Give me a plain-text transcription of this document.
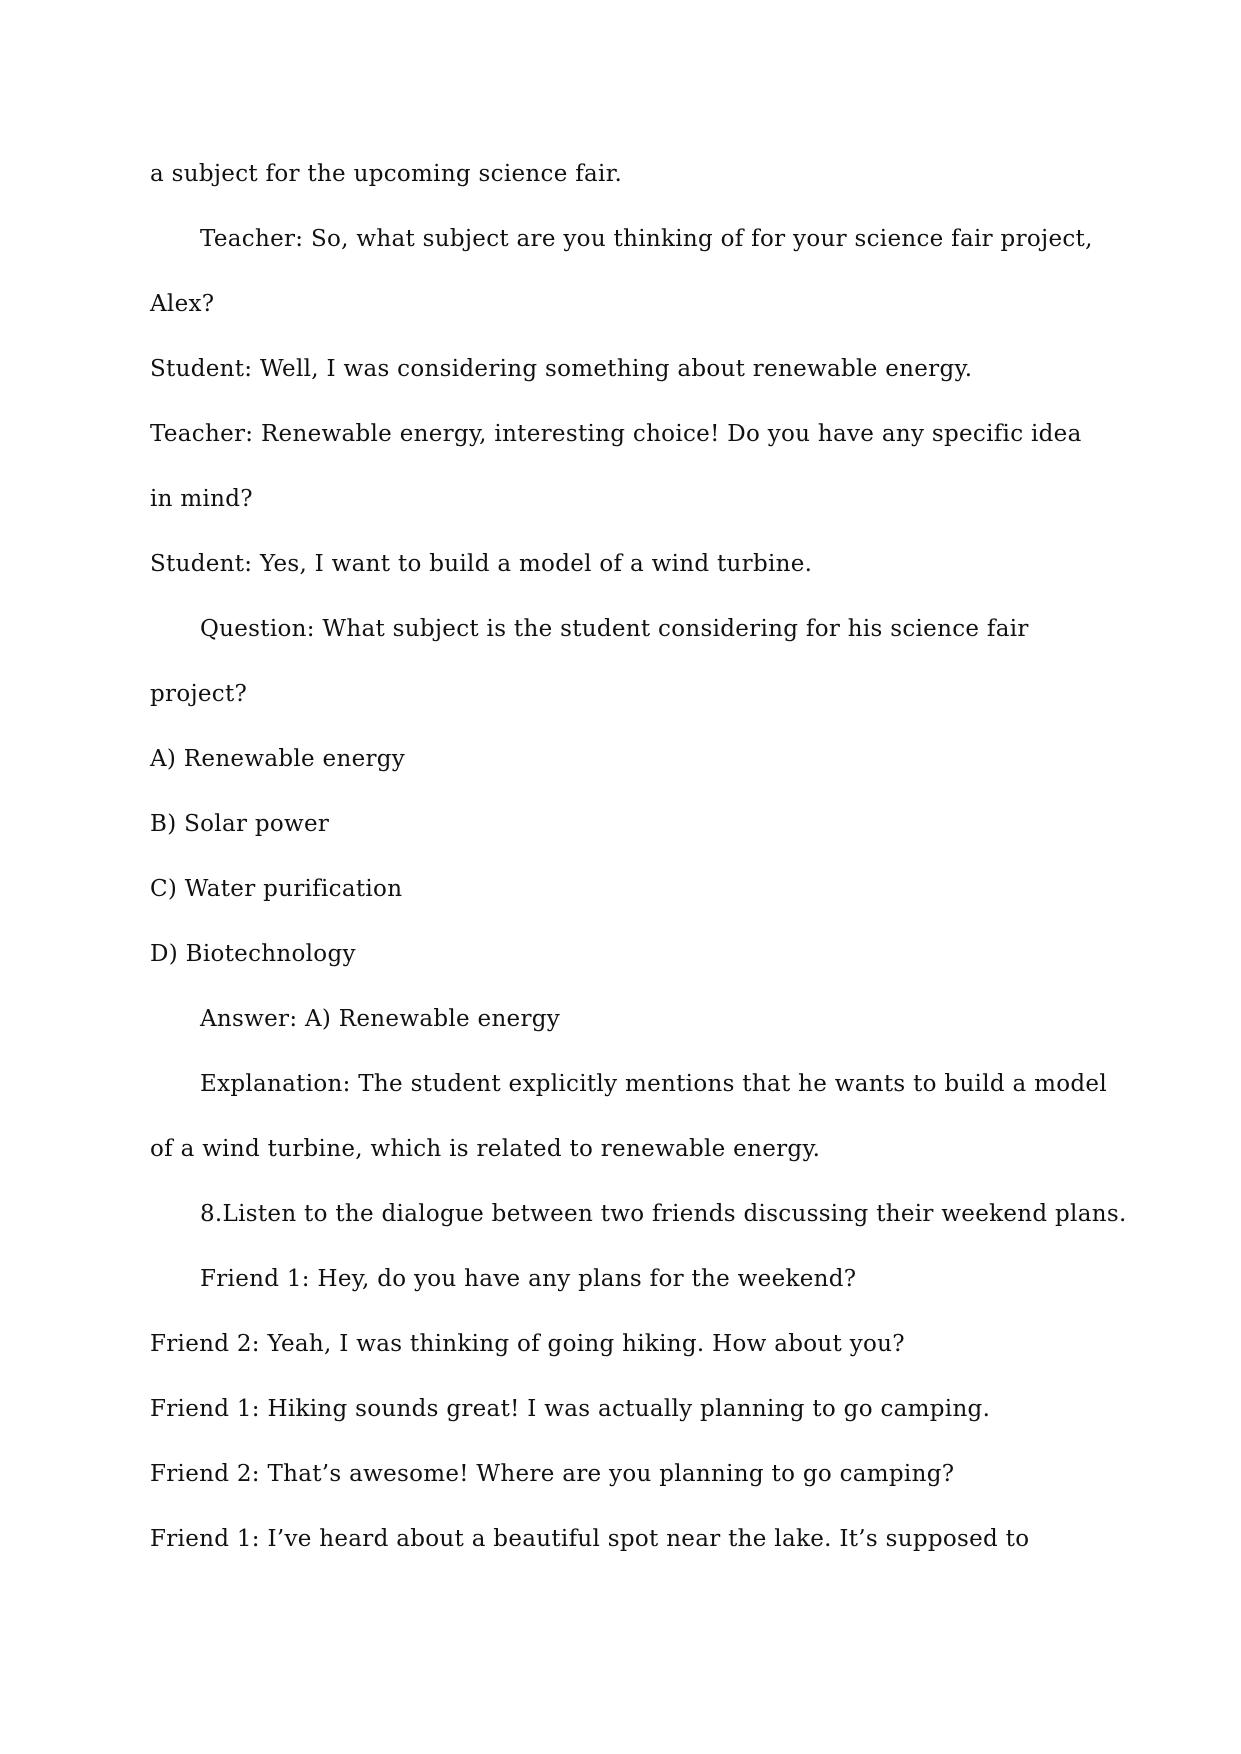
a subject for the upcoming science fair.
Teacher: So, what subject are you thinking of for your science fair project,
Alex?
Student: Well, I was considering something about renewable energy.
Teacher: Renewable energy, interesting choice! Do you have any specific idea
in mind?
Student: Yes, I want to build a model of a wind turbine.
Question: What subject is the student considering for his science fair
project?
A) Renewable energy
B) Solar power
C) Water purification
D) Biotechnology
Answer: A) Renewable energy
Explanation: The student explicitly mentions that he wants to build a model
of a wind turbine, which is related to renewable energy.
8.Listen to the dialogue between two friends discussing their weekend plans.
Friend 1: Hey, do you have any plans for the weekend?
Friend 2: Yeah, I was thinking of going hiking. How about you?
Friend 1: Hiking sounds great! I was actually planning to go camping.
Friend 2: That’s awesome! Where are you planning to go camping?
Friend 1: I’ve heard about a beautiful spot near the lake. It’s supposed to
